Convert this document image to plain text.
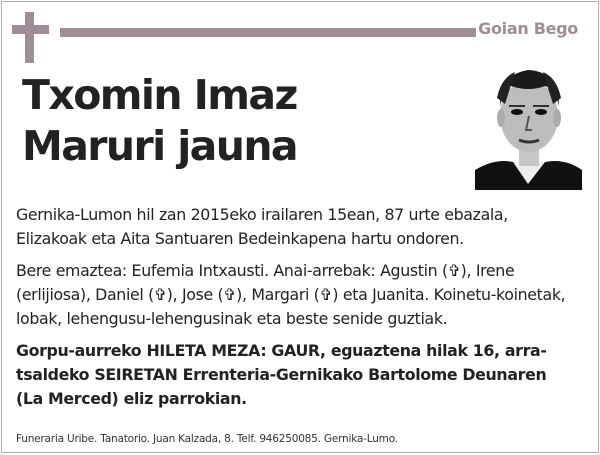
Goian Bego
Txomin Imaz
Maruri jauna

Gernika-Lumon hil zan 2015eko irailaren 15ean, 87 urte ebazala, Elizakoak eta Aita Santuaren Bedeinkapena hartu ondoren.

Bere emaztea: Eufemia Intxausti. Anai-arrebak: Agustin (✞), Irene (erlijiosa), Daniel (✞), Jose (✞), Margari (✞) eta Juanita. Koinetu-koinetak, lobak, lehengusu-lehengusinak eta beste senide guztiak.

Gorpu-aurreko HILETA MEZA: GAUR, eguaztena hilak 16, arra-tsaldeko SEIRETAN Errenteria-Gernikako Bartolome Deunaren (La Merced) eliz parrokian.

Funeraria Uribe. Tanatorio. Juan Kalzada, 8. Telf. 946250085. Gernika-Lumo.
